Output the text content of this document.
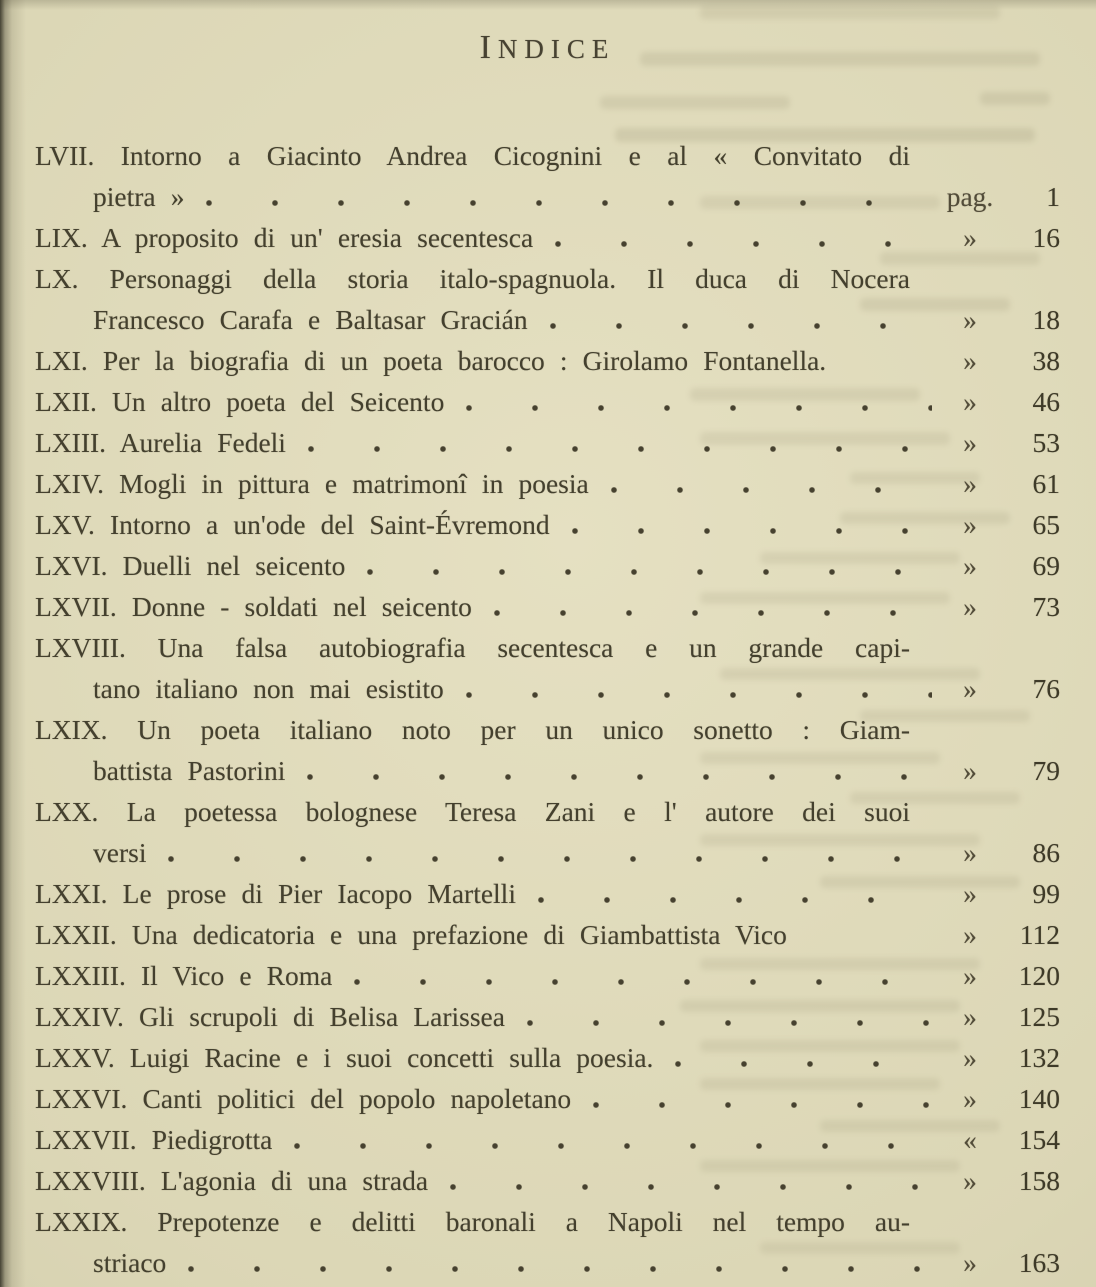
INDICE
LVII. Intorno a Giacinto Andrea Cicognini e al « Convitato di
pietra »	pag.	1
LIX. A proposito di un' eresia secentesca	»	16
LX. Personaggi della storia italo-spagnuola. Il duca di Nocera
Francesco Carafa e Baltasar Gracián	»	18
LXI. Per la biografia di un poeta barocco : Girolamo Fontanella.	»	38
LXII. Un altro poeta del Seicento	»	46
LXIII. Aurelia Fedeli	»	53
LXIV. Mogli in pittura e matrimonî in poesia	»	61
LXV. Intorno a un'ode del Saint-Évremond	»	65
LXVI. Duelli nel seicento	»	69
LXVII. Donne - soldati nel seicento	»	73
LXVIII. Una falsa autobiografia secentesca e un grande capi-
tano italiano non mai esistito	»	76
LXIX. Un poeta italiano noto per un unico sonetto : Giam-
battista Pastorini	»	79
LXX. La poetessa bolognese Teresa Zani e l' autore dei suoi
versi	»	86
LXXI. Le prose di Pier Iacopo Martelli	»	99
LXXII. Una dedicatoria e una prefazione di Giambattista Vico	»	112
LXXIII. Il Vico e Roma	»	120
LXXIV. Gli scrupoli di Belisa Larissea	»	125
LXXV. Luigi Racine e i suoi concetti sulla poesia.	»	132
LXXVI. Canti politici del popolo napoletano	»	140
LXXVII. Piedigrotta	«	154
LXXVIII. L'agonia di una strada	»	158
LXXIX. Prepotenze e delitti baronali a Napoli nel tempo au-
striaco	»	163
